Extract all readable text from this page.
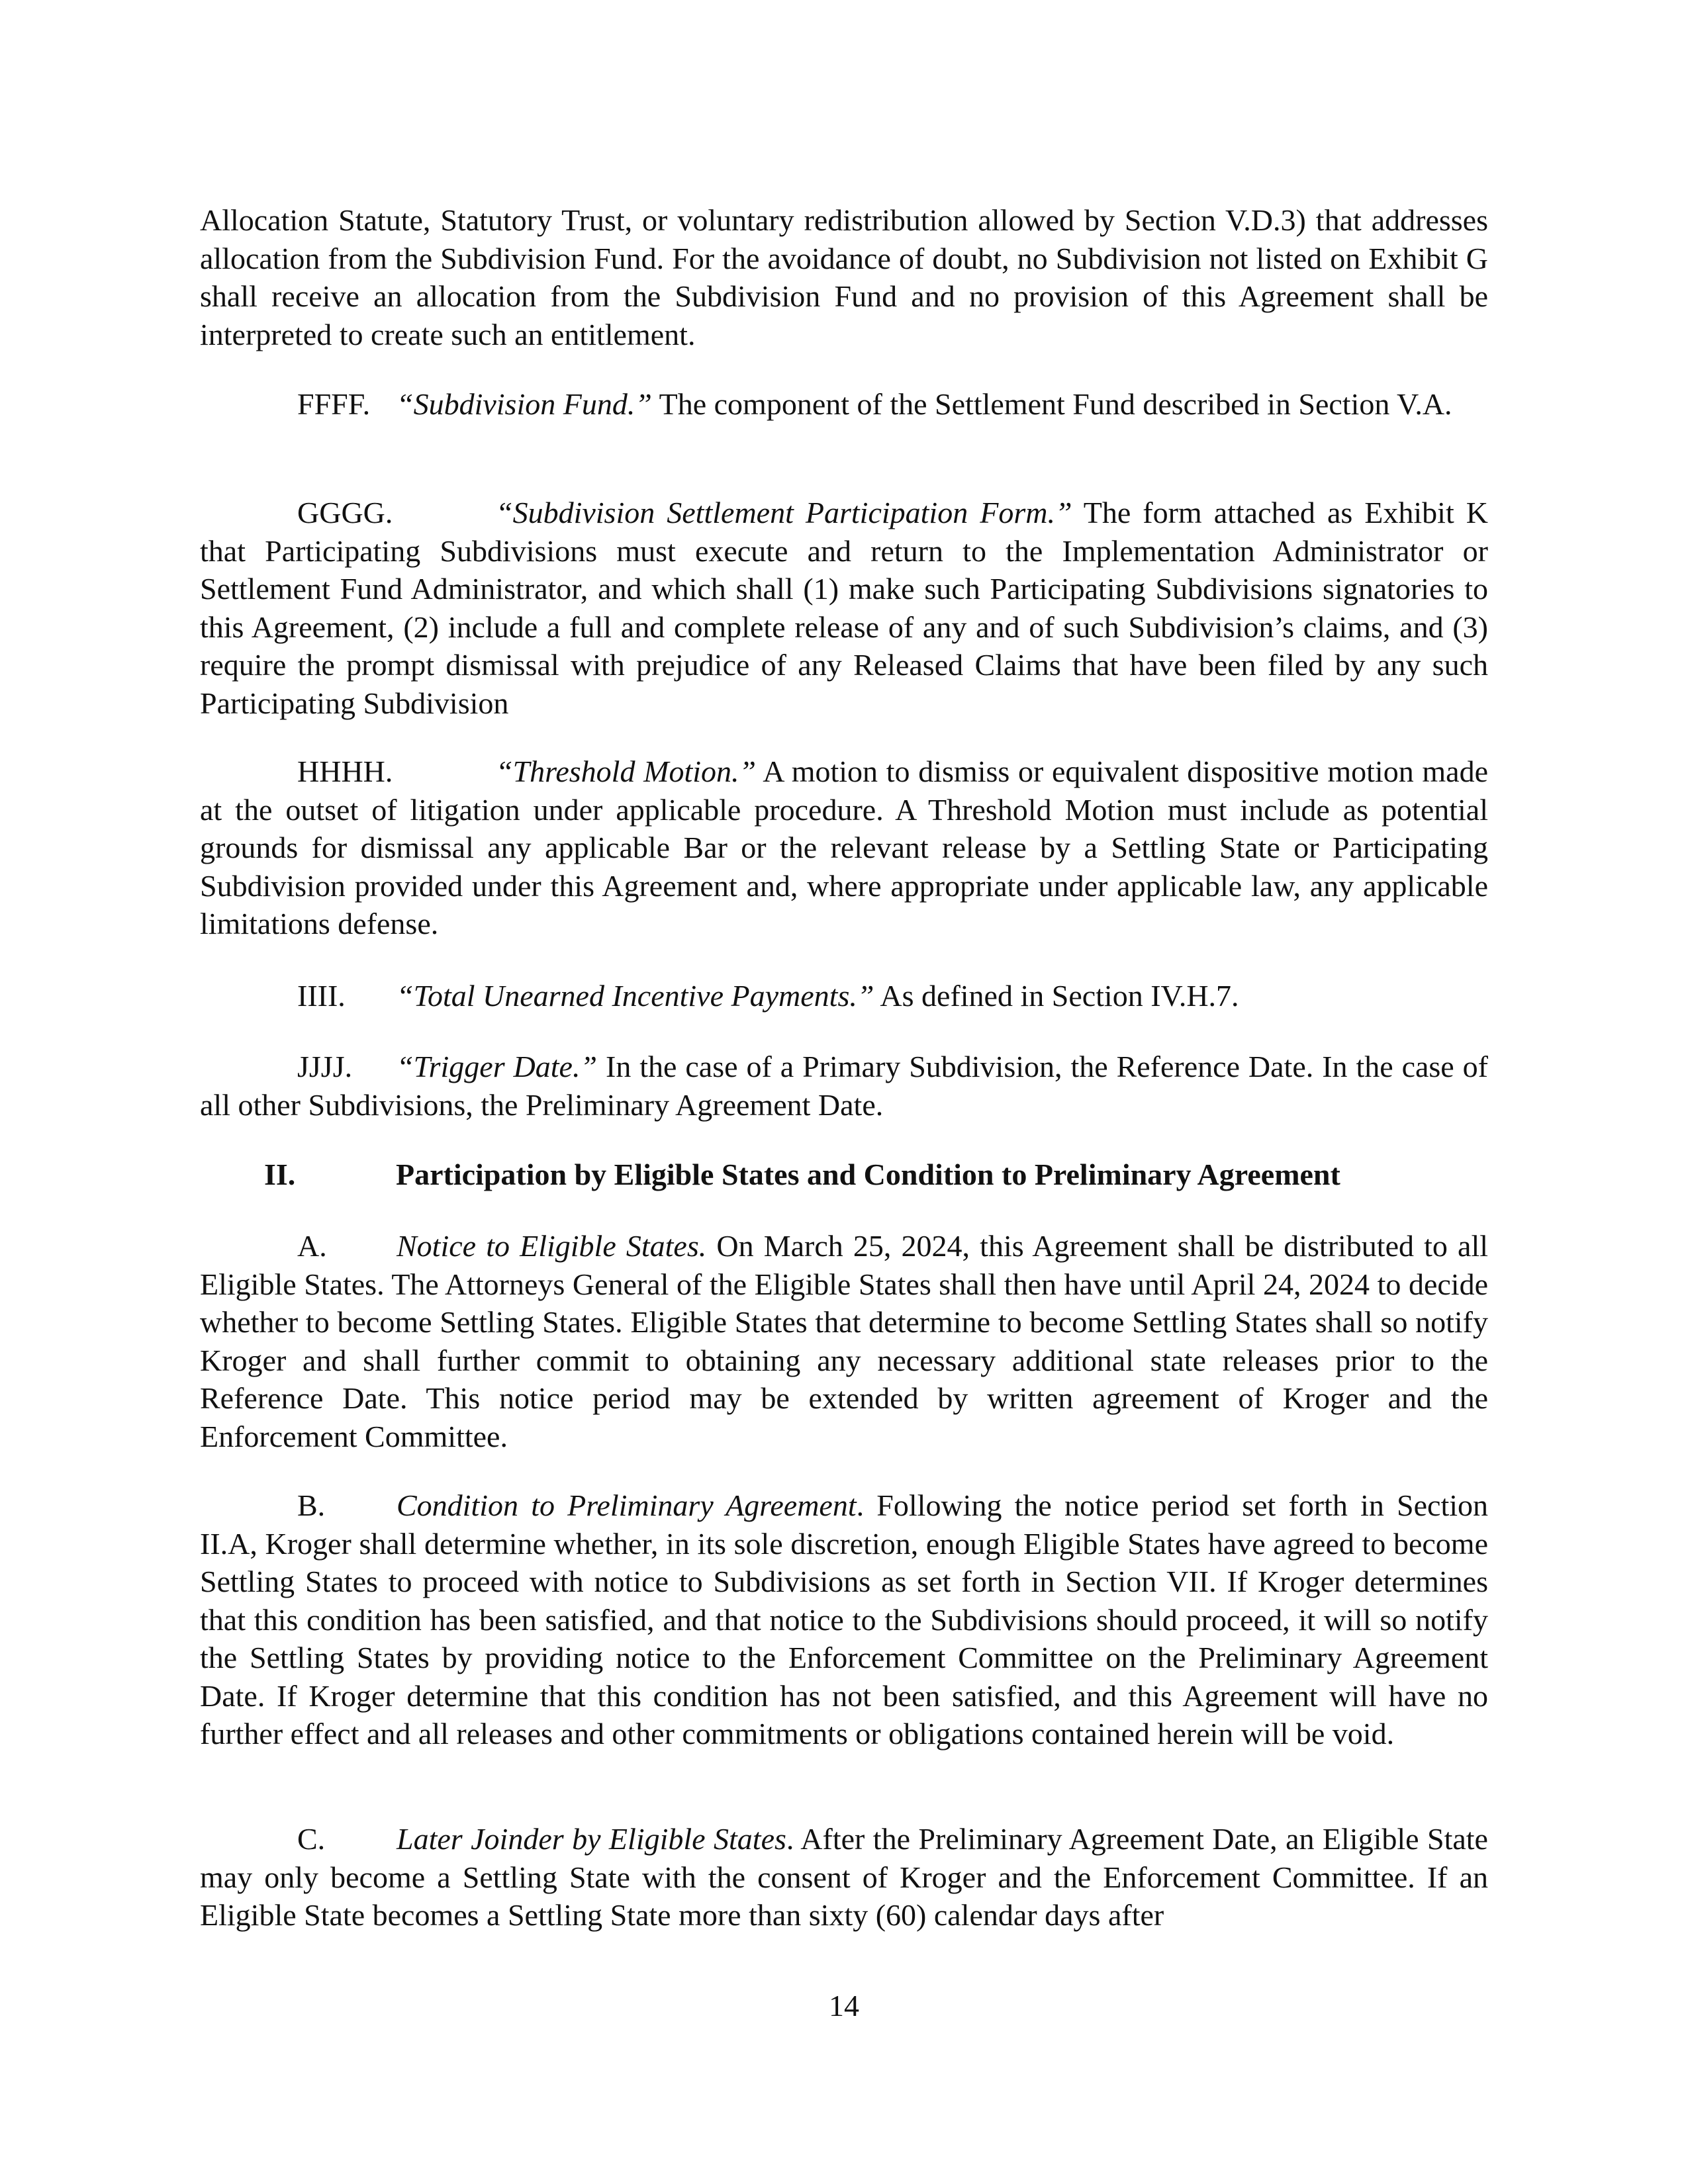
Allocation Statute, Statutory Trust, or voluntary redistribution allowed by Section V.D.3) that addresses allocation from the Subdivision Fund. For the avoidance of doubt, no Subdivision not listed on Exhibit G shall receive an allocation from the Subdivision Fund and no provision of this Agreement shall be interpreted to create such an entitlement.

FFFF. “Subdivision Fund.” The component of the Settlement Fund described in Section V.A.

GGGG.	“Subdivision Settlement Participation Form.” The form attached as Exhibit K that Participating Subdivisions must execute and return to the Implementation Administrator or Settlement Fund Administrator, and which shall (1) make such Participating Subdivisions signatories to this Agreement, (2) include a full and complete release of any and of such Subdivision’s claims, and (3) require the prompt dismissal with prejudice of any Released Claims that have been filed by any such Participating Subdivision

HHHH.	“Threshold Motion.” A motion to dismiss or equivalent dispositive motion made at the outset of litigation under applicable procedure. A Threshold Motion must include as potential grounds for dismissal any applicable Bar or the relevant release by a Settling State or Participating Subdivision provided under this Agreement and, where appropriate under applicable law, any applicable limitations defense.

IIII. “Total Unearned Incentive Payments.” As defined in Section IV.H.7.

JJJJ. “Trigger Date.” In the case of a Primary Subdivision, the Reference Date. In the case of all other Subdivisions, the Preliminary Agreement Date.

II.	Participation by Eligible States and Condition to Preliminary Agreement

A. Notice to Eligible States. On March 25, 2024, this Agreement shall be distributed to all Eligible States. The Attorneys General of the Eligible States shall then have until April 24, 2024 to decide whether to become Settling States. Eligible States that determine to become Settling States shall so notify Kroger and shall further commit to obtaining any necessary additional state releases prior to the Reference Date. This notice period may be extended by written agreement of Kroger and the Enforcement Committee.

B. Condition to Preliminary Agreement. Following the notice period set forth in Section II.A, Kroger shall determine whether, in its sole discretion, enough Eligible States have agreed to become Settling States to proceed with notice to Subdivisions as set forth in Section VII. If Kroger determines that this condition has been satisfied, and that notice to the Subdivisions should proceed, it will so notify the Settling States by providing notice to the Enforcement Committee on the Preliminary Agreement Date. If Kroger determine that this condition has not been satisfied, and this Agreement will have no further effect and all releases and other commitments or obligations contained herein will be void.

C. Later Joinder by Eligible States. After the Preliminary Agreement Date, an Eligible State may only become a Settling State with the consent of Kroger and the Enforcement Committee. If an Eligible State becomes a Settling State more than sixty (60) calendar days after

14
